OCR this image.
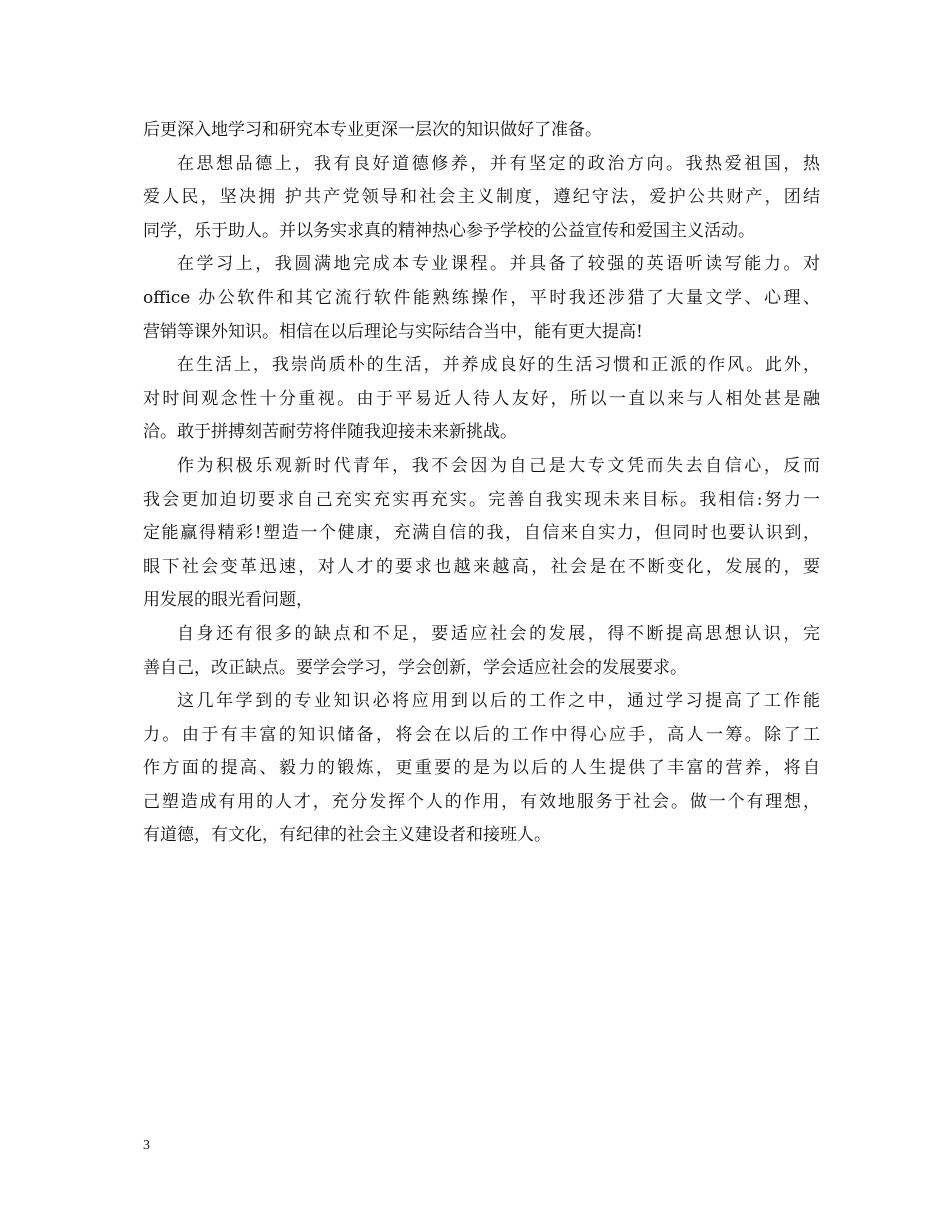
后更深入地学习和研究本专业更深一层次的知识做好了准备。
在思想品德上，我有良好道德修养，并有坚定的政治方向。我热爱祖国，热
爱人民，坚决拥 护共产党领导和社会主义制度，遵纪守法，爱护公共财产，团结
同学，乐于助人。并以务实求真的精神热心参予学校的公益宣传和爱国主义活动。
在学习上，我圆满地完成本专业课程。并具备了较强的英语听读写能力。对
office 办公软件和其它流行软件能熟练操作，平时我还涉猎了大量文学、心理、
营销等课外知识。相信在以后理论与实际结合当中，能有更大提高!
在生活上，我崇尚质朴的生活，并养成良好的生活习惯和正派的作风。此外，
对时间观念性十分重视。由于平易近人待人友好，所以一直以来与人相处甚是融
洽。敢于拼搏刻苦耐劳将伴随我迎接未来新挑战。
作为积极乐观新时代青年，我不会因为自己是大专文凭而失去自信心，反而
我会更加迫切要求自己充实充实再充实。完善自我实现未来目标。我相信:努力一
定能赢得精彩!塑造一个健康，充满自信的我，自信来自实力，但同时也要认识到，
眼下社会变革迅速，对人才的要求也越来越高，社会是在不断变化，发展的，要
用发展的眼光看问题，
自身还有很多的缺点和不足，要适应社会的发展，得不断提高思想认识，完
善自己，改正缺点。要学会学习，学会创新，学会适应社会的发展要求。
这几年学到的专业知识必将应用到以后的工作之中，通过学习提高了工作能
力。由于有丰富的知识储备，将会在以后的工作中得心应手，高人一筹。除了工
作方面的提高、毅力的锻炼，更重要的是为以后的人生提供了丰富的营养，将自
己塑造成有用的人才，充分发挥个人的作用，有效地服务于社会。做一个有理想，
有道德，有文化，有纪律的社会主义建设者和接班人。
3
